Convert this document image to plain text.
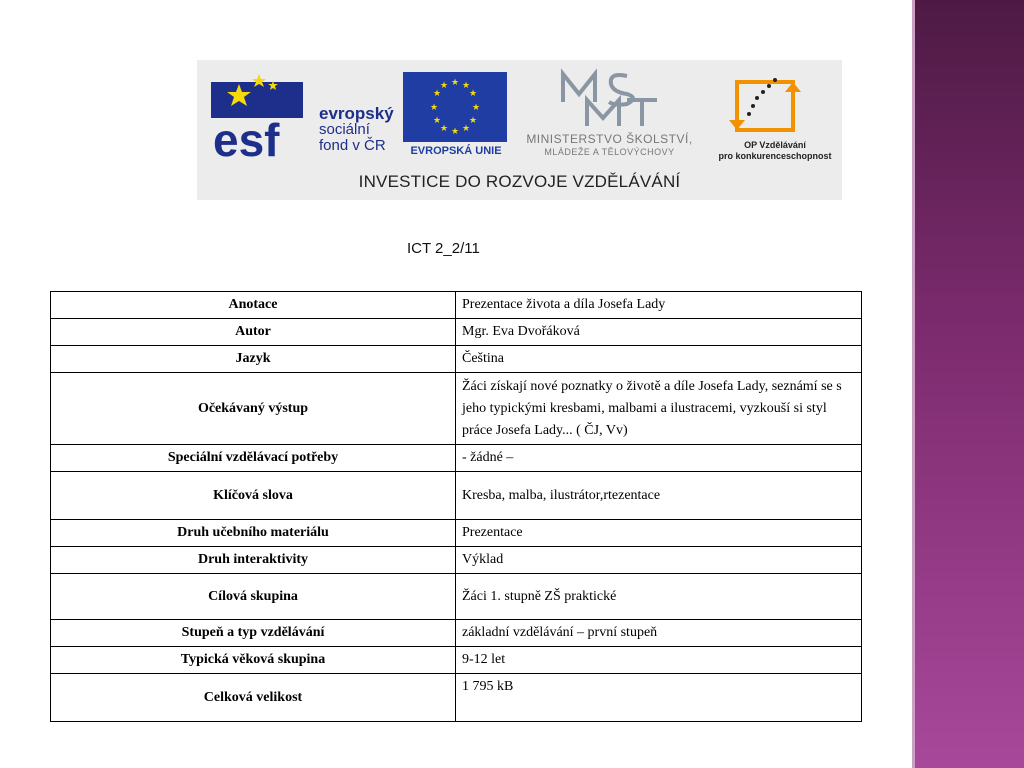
esf
evropský
sociální
fond v ČR
★ ★
★
★
★
★
★
★
★
★
★
★
EVROPSKÁ UNIE
MINISTERSTVO ŠKOLSTVÍ,
MLÁDEŽE A TĚLOVÝCHOVY
OP Vzdělávání
pro konkurenceschopnost
INVESTICE DO ROZVOJE VZDĚLÁVÁNÍ
ICT 2_2/11
Anotace	Prezentace života a díla Josefa Lady
Autor	Mgr. Eva Dvořáková
Jazyk	Čeština
Očekávaný výstup	Žáci získají nové poznatky o životě a díle Josefa Lady, seznámí se s jeho typickými kresbami, malbami a ilustracemi, vyzkouší si styl práce Josefa Lady... ( ČJ, Vv)
Speciální vzdělávací potřeby	- žádné –
Klíčová slova	Kresba, malba, ilustrátor,rtezentace
Druh učebního materiálu	Prezentace
Druh interaktivity	Výklad
Cílová skupina	Žáci 1. stupně ZŠ praktické
Stupeň a typ vzdělávání	základní vzdělávání – první stupeň
Typická věková skupina	9-12 let
Celková velikost	1 795 kB
